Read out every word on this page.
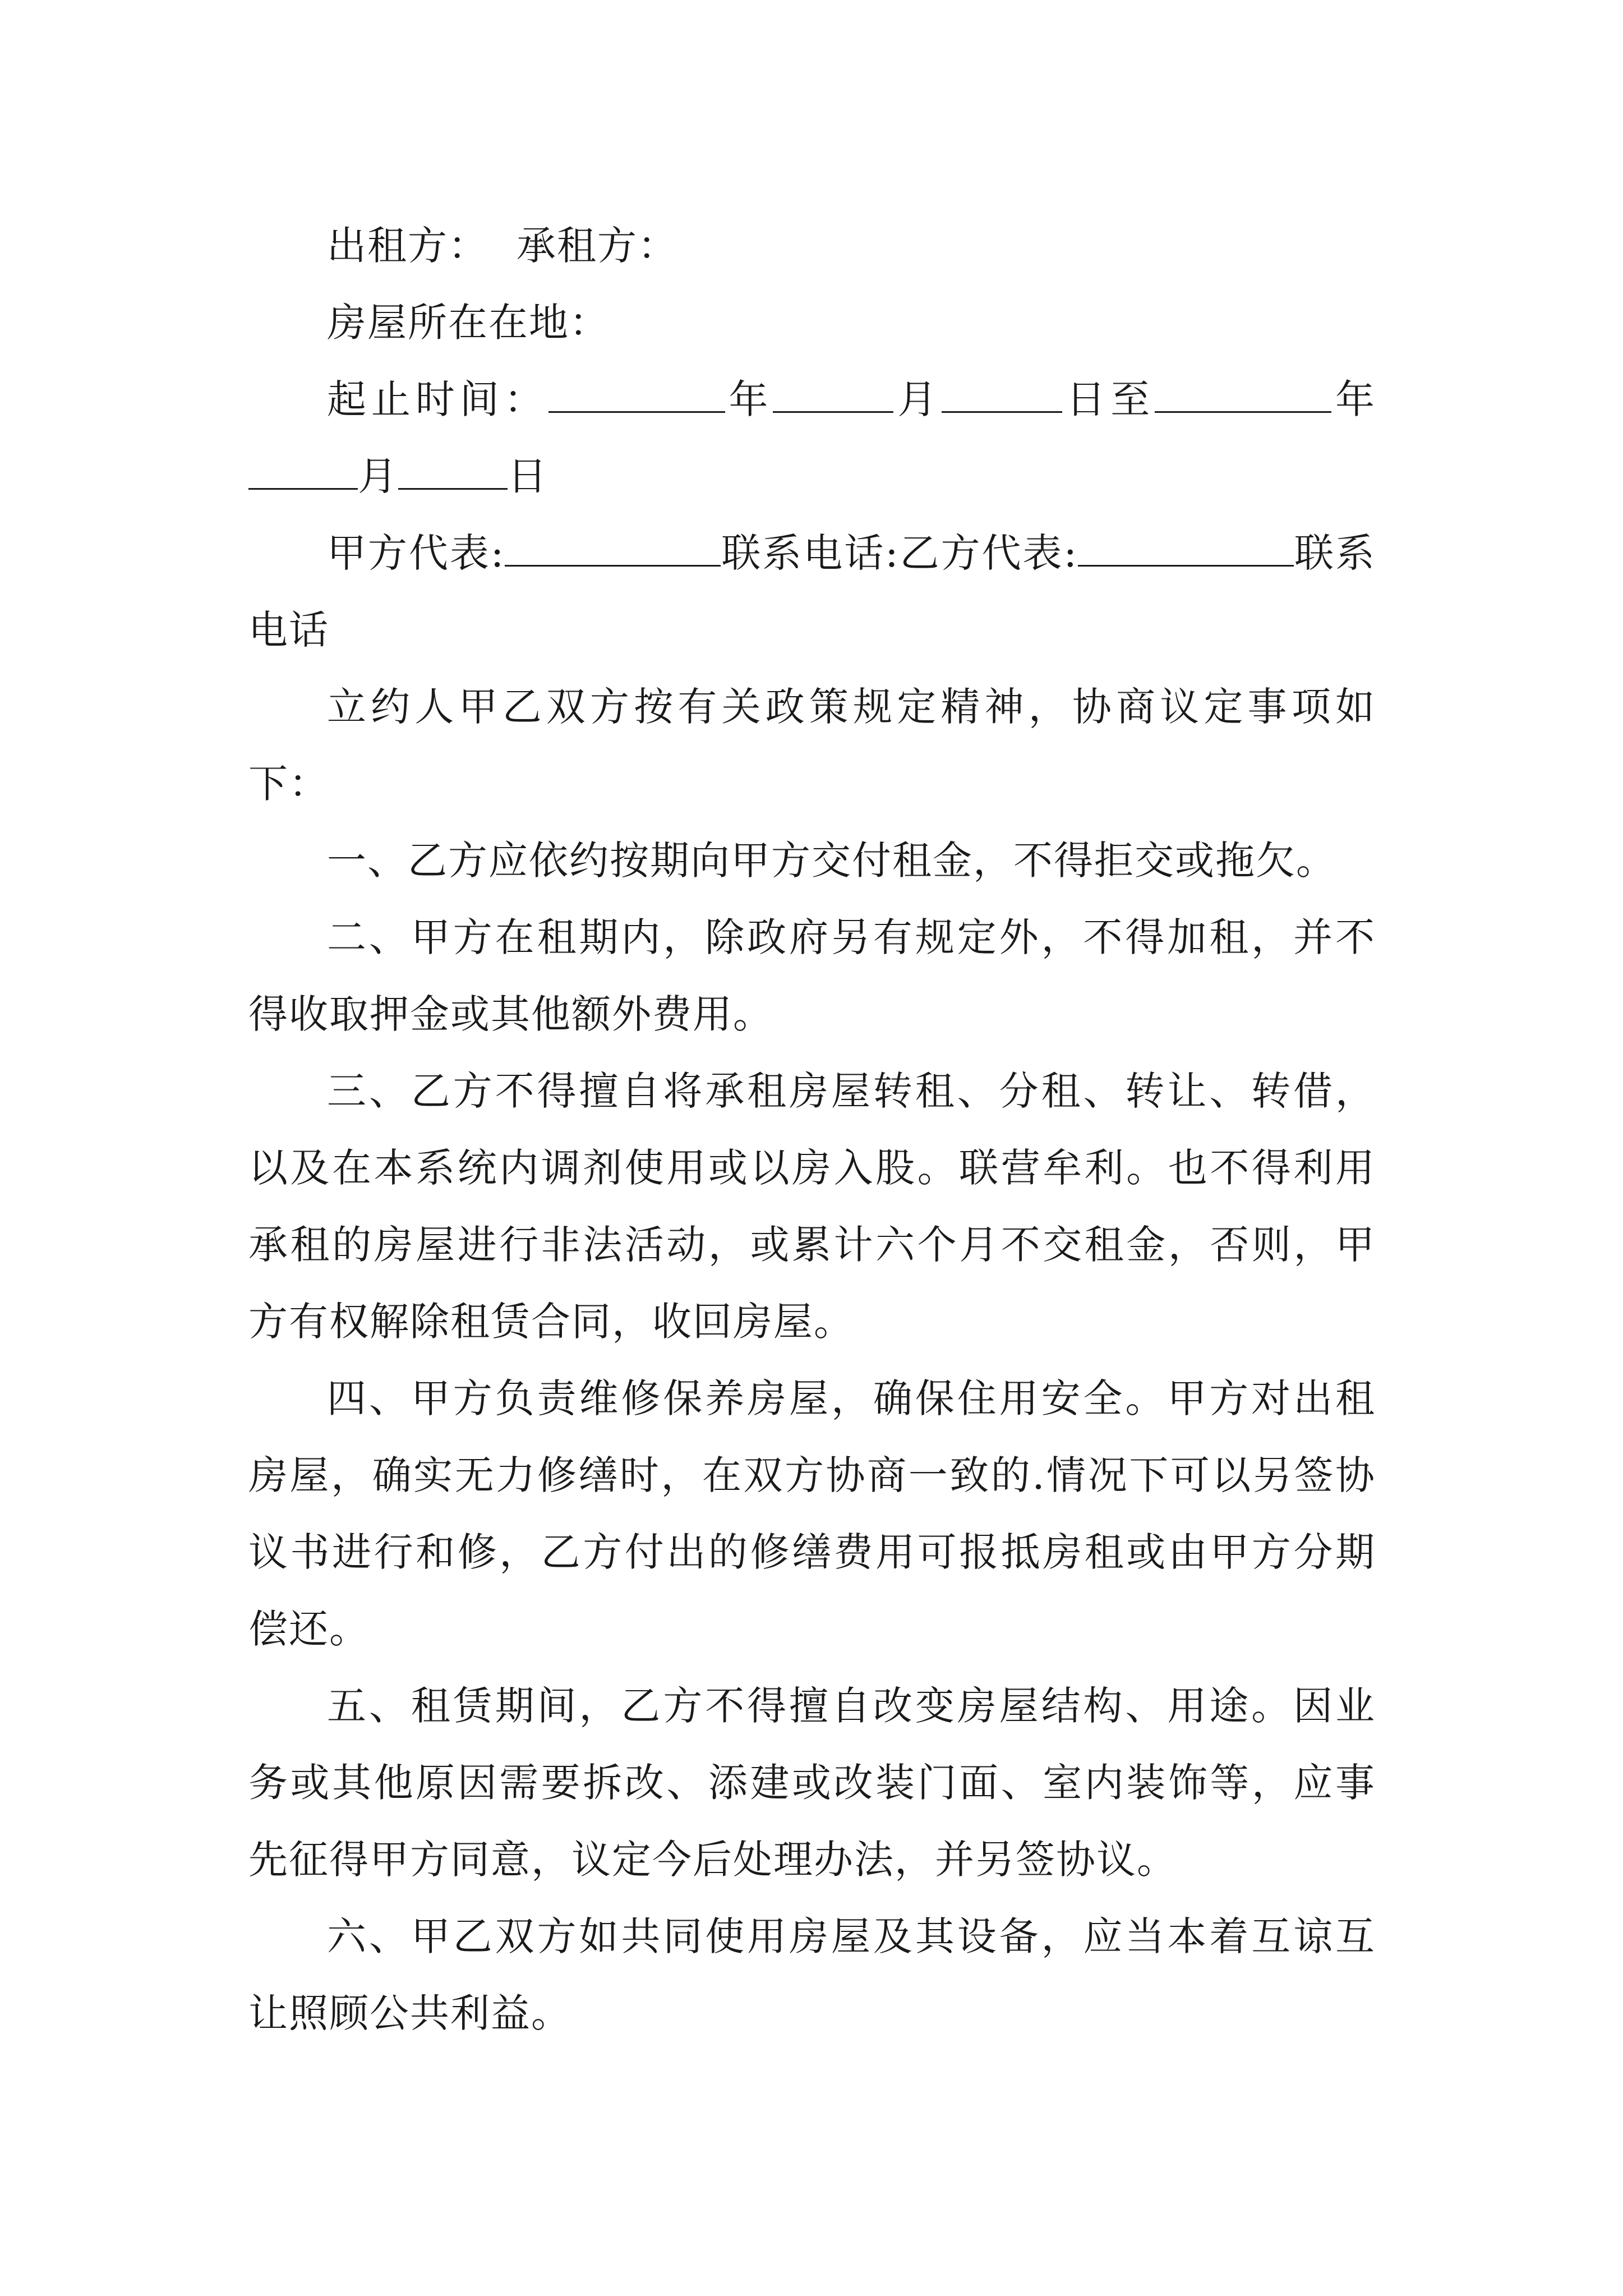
出租方： 承租方：

房屋所在在地：

起止时间：	年	月	日至	年月	日

甲方代表:	联系电话:乙方代表:	联系电话

立约人甲乙双方按有关政策规定精神，协商议定事项如下：

一、乙方应依约按期向甲方交付租金，不得拒交或拖欠。

二、甲方在租期内，除政府另有规定外，不得加租，并不得收取押金或其他额外费用。

三、乙方不得擅自将承租房屋转租、分租、转让、转借，以及在本系统内调剂使用或以房入股。联营牟利。也不得利用承租的房屋进行非法活动，或累计六个月不交租金，否则，甲方有权解除租赁合同，收回房屋。

四、甲方负责维修保养房屋，确保住用安全。甲方对出租房屋，确实无力修缮时，在双方协商一致的.情况下可以另签协议书进行和修，乙方付出的修缮费用可报抵房租或由甲方分期偿还。

五、租赁期间，乙方不得擅自改变房屋结构、用途。因业务或其他原因需要拆改、添建或改装门面、室内装饰等，应事先征得甲方同意，议定今后处理办法，并另签协议。

六、甲乙双方如共同使用房屋及其设备，应当本着互谅互让照顾公共利益。
